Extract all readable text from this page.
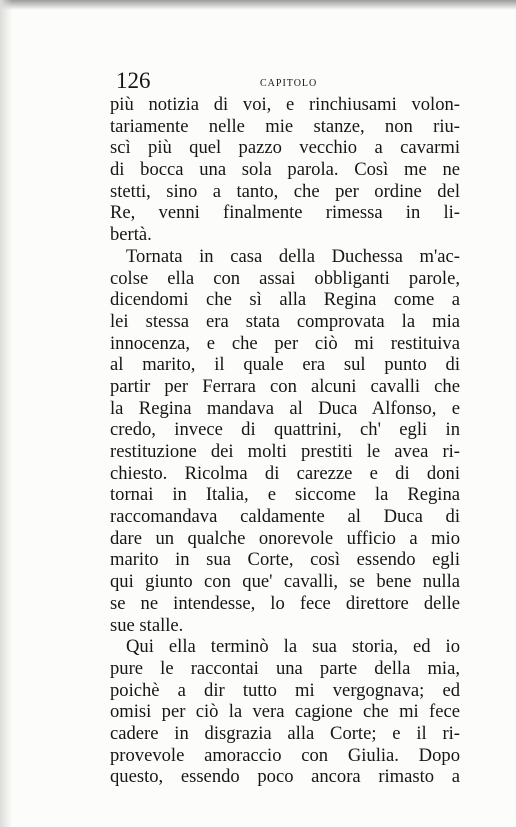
126	CAPITOLO
più notizia di voi, e rinchiusami volon-
tariamente nelle mie stanze, non riu-
scì più quel pazzo vecchio a cavarmi
di bocca una sola parola. Così me ne
stetti, sino a tanto, che per ordine del
Re, venni finalmente rimessa in li-
bertà.
Tornata in casa della Duchessa m'ac-
colse ella con assai obbliganti parole,
dicendomi che sì alla Regina come a
lei stessa era stata comprovata la mia
innocenza, e che per ciò mi restituiva
al marito, il quale era sul punto di
partir per Ferrara con alcuni cavalli che
la Regina mandava al Duca Alfonso, e
credo, invece di quattrini, ch' egli in
restituzione dei molti prestiti le avea ri-
chiesto. Ricolma di carezze e di doni
tornai in Italia, e siccome la Regina
raccomandava caldamente al Duca di
dare un qualche onorevole ufficio a mio
marito in sua Corte, così essendo egli
qui giunto con que' cavalli, se bene nulla
se ne intendesse, lo fece direttore delle
sue stalle.
Qui ella terminò la sua storia, ed io
pure le raccontai una parte della mia,
poichè a dir tutto mi vergognava; ed
omisi per ciò la vera cagione che mi fece
cadere in disgrazia alla Corte; e il ri-
provevole amoraccio con Giulia. Dopo
questo, essendo poco ancora rimasto a
